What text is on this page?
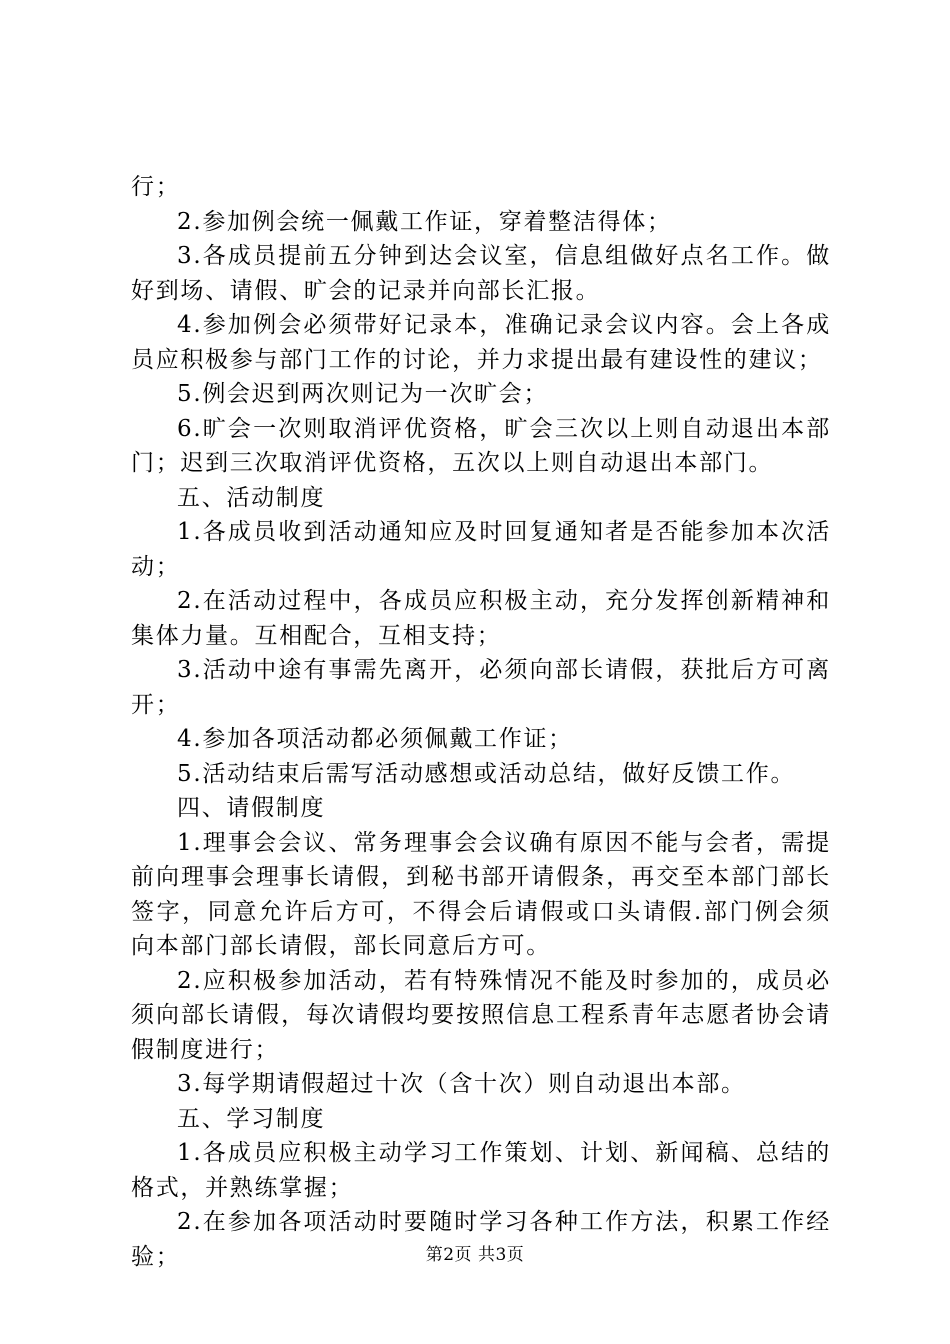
行；

2.参加例会统一佩戴工作证，穿着整洁得体；

3.各成员提前五分钟到达会议室，信息组做好点名工作。做好到场、请假、旷会的记录并向部长汇报。

4.参加例会必须带好记录本，准确记录会议内容。会上各成员应积极参与部门工作的讨论，并力求提出最有建设性的建议；

5.例会迟到两次则记为一次旷会；

6.旷会一次则取消评优资格，旷会三次以上则自动退出本部门；迟到三次取消评优资格，五次以上则自动退出本部门。

五、活动制度

1.各成员收到活动通知应及时回复通知者是否能参加本次活动；

2.在活动过程中，各成员应积极主动，充分发挥创新精神和集体力量。互相配合，互相支持；

3.活动中途有事需先离开，必须向部长请假，获批后方可离开；

4.参加各项活动都必须佩戴工作证；

5.活动结束后需写活动感想或活动总结，做好反馈工作。

四、请假制度

1.理事会会议、常务理事会会议确有原因不能与会者，需提前向理事会理事长请假，到秘书部开请假条，再交至本部门部长签字，同意允许后方可，不得会后请假或口头请假.部门例会须向本部门部长请假，部长同意后方可。

2.应积极参加活动，若有特殊情况不能及时参加的，成员必须向部长请假，每次请假均要按照信息工程系青年志愿者协会请假制度进行；

3.每学期请假超过十次（含十次）则自动退出本部。

五、学习制度

1.各成员应积极主动学习工作策划、计划、新闻稿、总结的格式，并熟练掌握；

2.在参加各项活动时要随时学习各种工作方法，积累工作经验；	第2页 共3页
